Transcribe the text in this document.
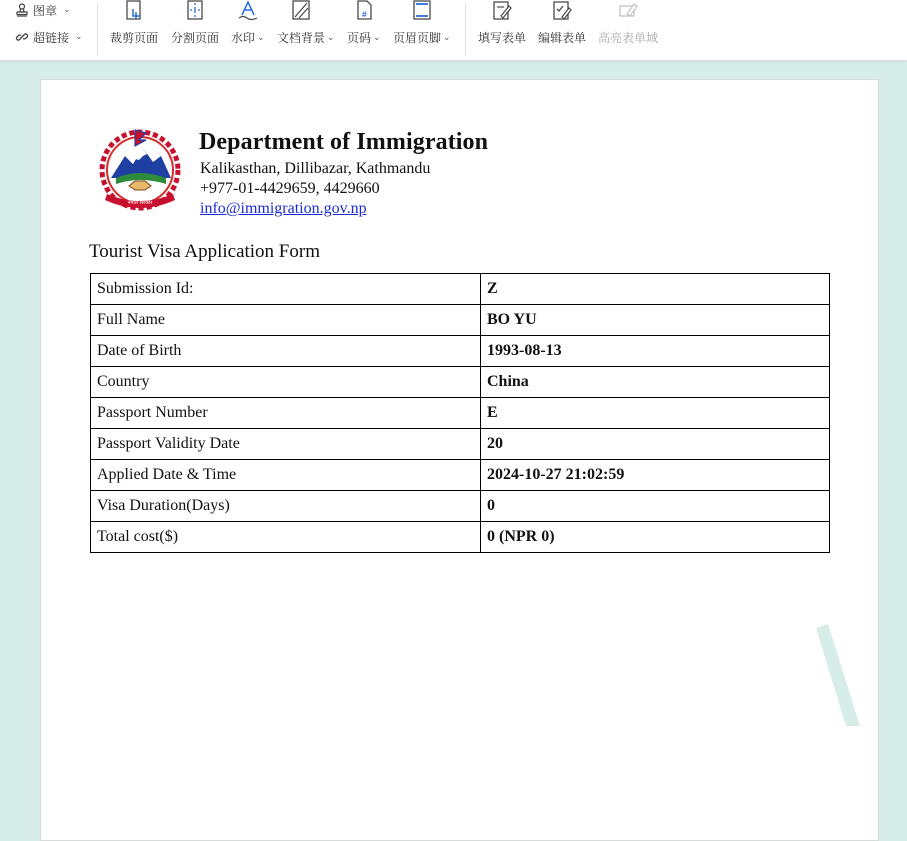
图章 ⌄
超链接 ⌄ 裁剪页面 分割页面 水印 ⌄ 文档背景 ⌄
#
页码 ⌄ 页眉页脚 ⌄ 填写表单 编辑表单 高亮表单域
नेपाल सरकार
Department of Immigration
Kalikasthan, Dillibazar, Kathmandu
+977-01-4429659, 4429660
info@immigration.gov.np
Tourist Visa Application Form
Submission Id:	Z
Full Name	BO YU
Date of Birth	1993-08-13
Country	China
Passport Number	E
Passport Validity Date	20
Applied Date & Time	2024-10-27 21:02:59
Visa Duration(Days)	0
Total cost($)	0 (NPR 0)
